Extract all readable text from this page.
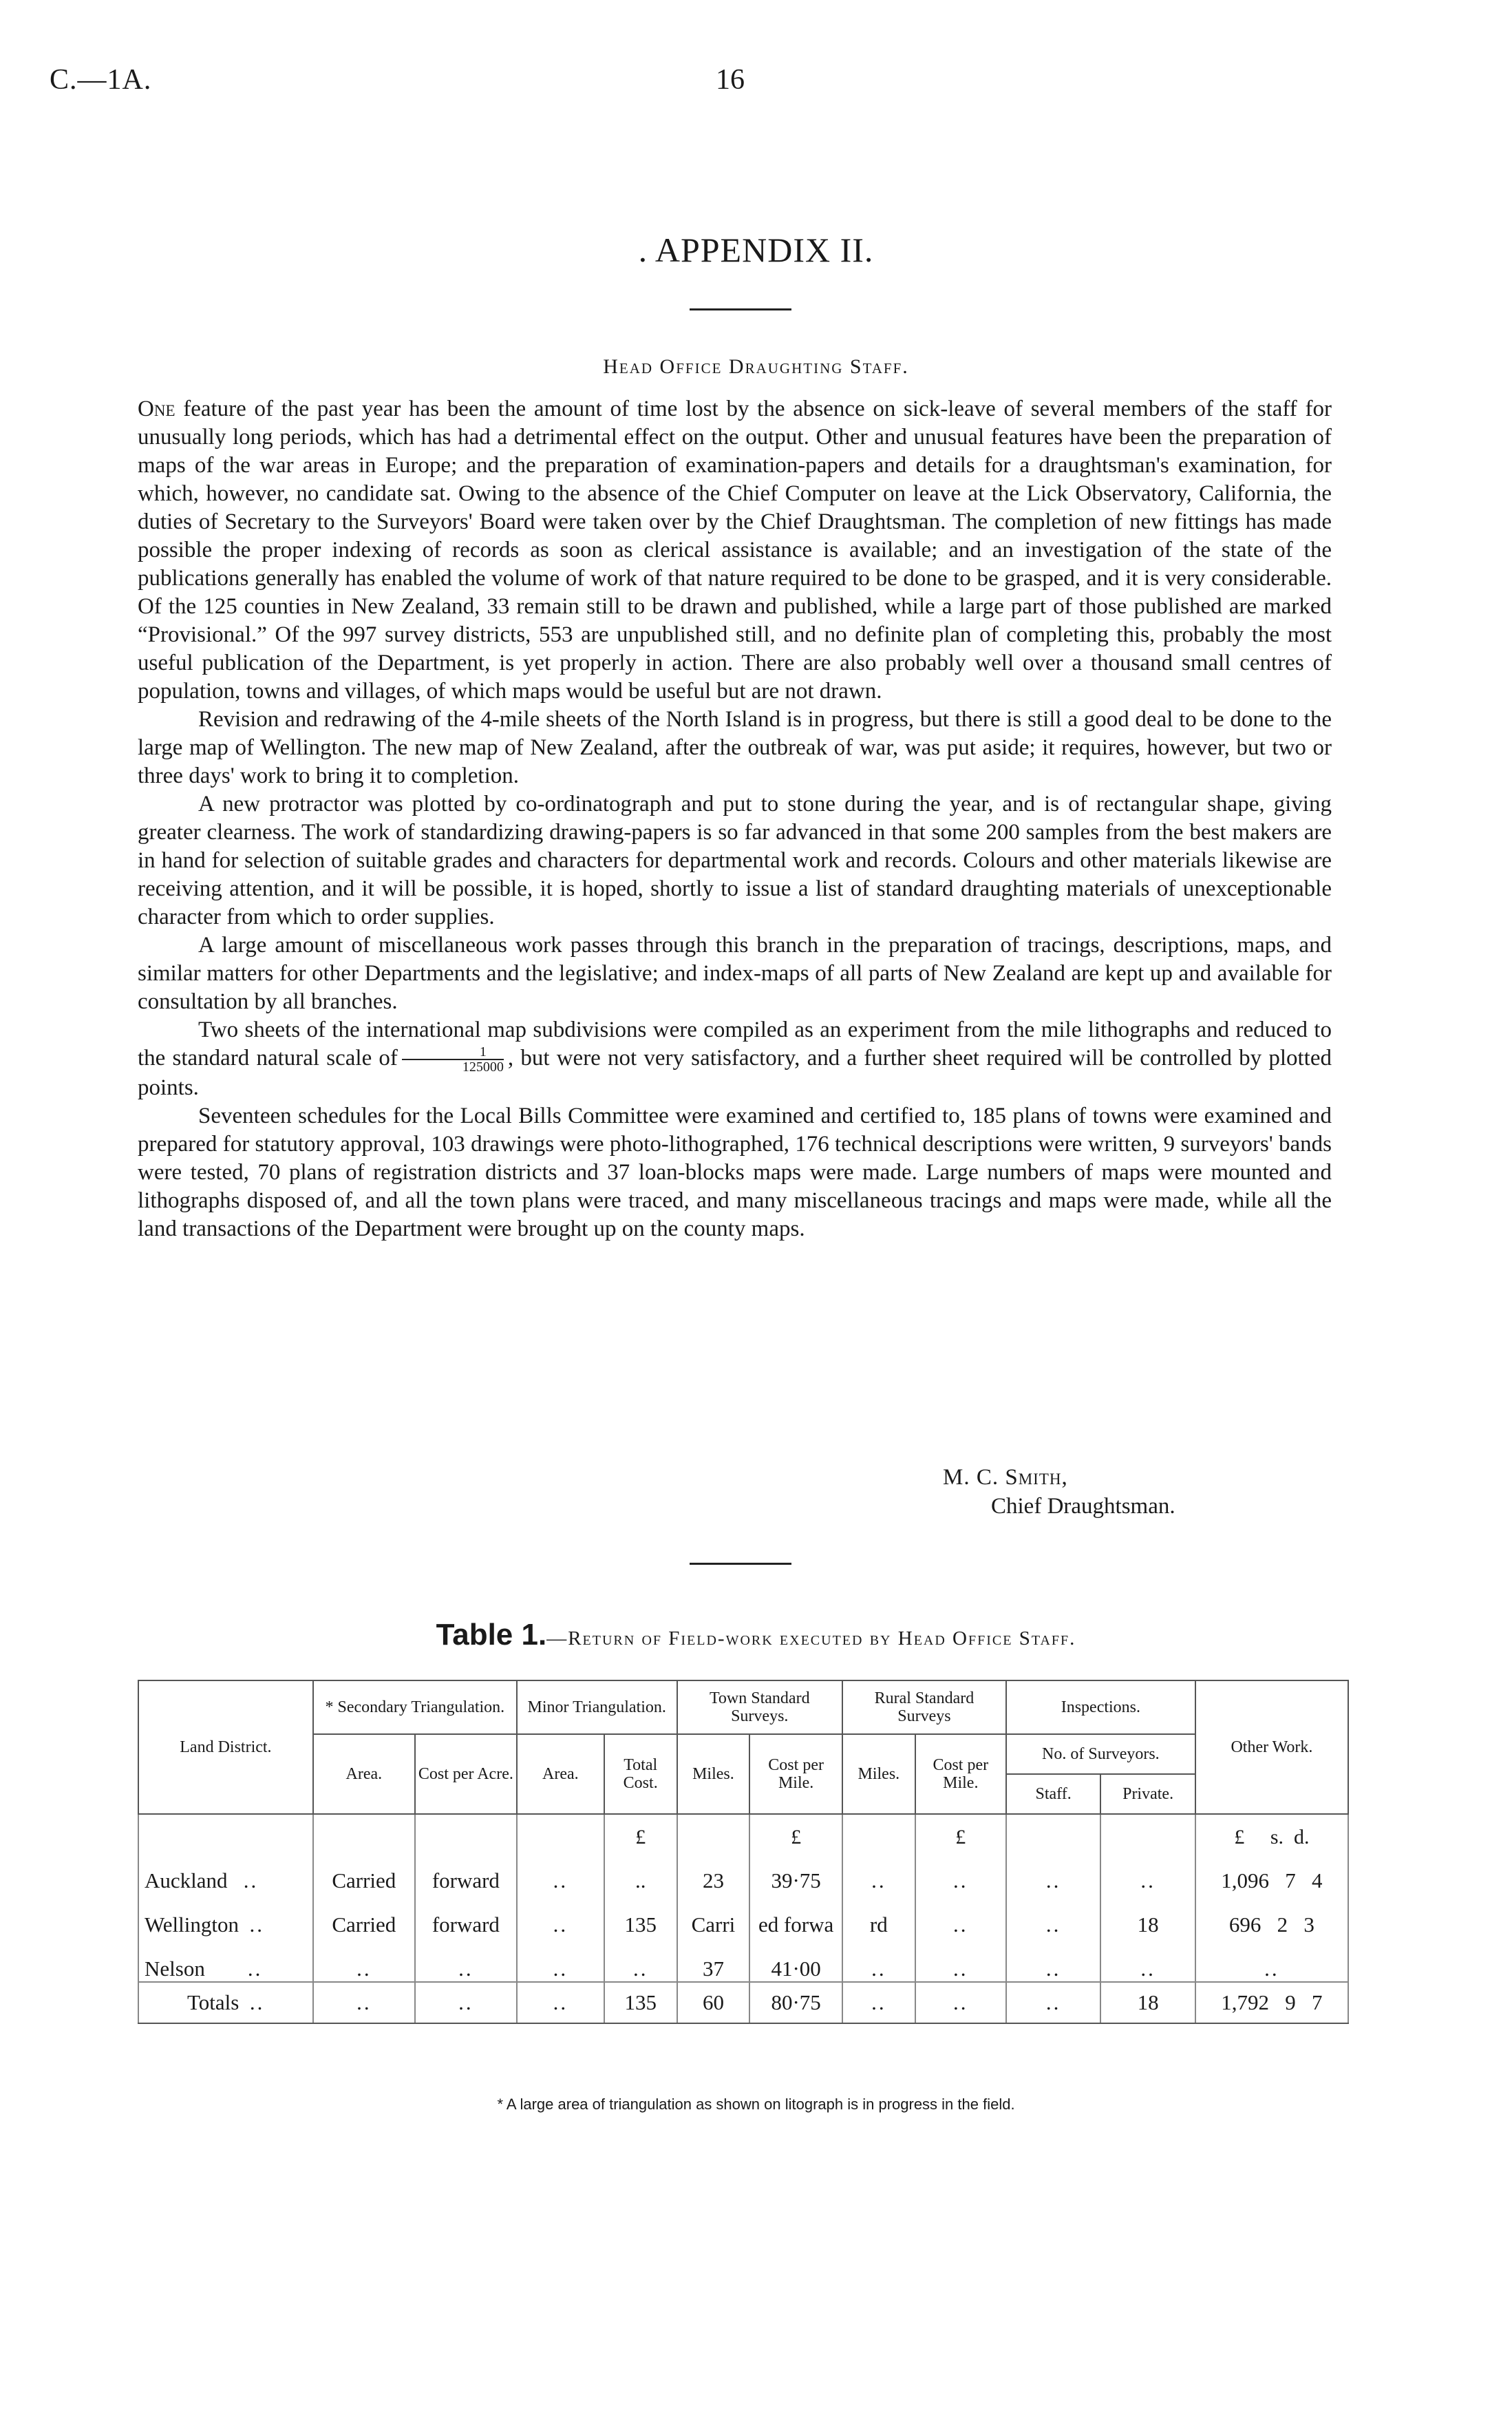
C.—1A.	16
. APPENDIX II.
Head Office Draughting Staff.

One feature of the past year has been the amount of time lost by the absence on sick-leave of several members of the staff for unusually long periods, which has had a detrimental effect on the output. Other and unusual features have been the preparation of maps of the war areas in Europe; and the preparation of examination-papers and details for a draughtsman's examination, for which, however, no candidate sat. Owing to the absence of the Chief Computer on leave at the Lick Observatory, California, the duties of Secretary to the Surveyors' Board were taken over by the Chief Draughtsman. The completion of new fittings has made possible the proper indexing of records as soon as clerical assistance is available; and an investigation of the state of the publications generally has enabled the volume of work of that nature required to be done to be grasped, and it is very considerable. Of the 125 counties in New Zealand, 33 remain still to be drawn and published, while a large part of those published are marked “Provisional.” Of the 997 survey districts, 553 are unpublished still, and no definite plan of completing this, probably the most useful publication of the Department, is yet properly in action. There are also probably well over a thousand small centres of population, towns and villages, of which maps would be useful but are not drawn.

Revision and redrawing of the 4-mile sheets of the North Island is in progress, but there is still a good deal to be done to the large map of Wellington. The new map of New Zealand, after the outbreak of war, was put aside; it requires, however, but two or three days' work to bring it to completion.

A new protractor was plotted by co-ordinatograph and put to stone during the year, and is of rectangular shape, giving greater clearness. The work of standardizing drawing-papers is so far advanced in that some 200 samples from the best makers are in hand for selection of suitable grades and characters for departmental work and records. Colours and other materials likewise are receiving attention, and it will be possible, it is hoped, shortly to issue a list of standard draughting materials of unexceptionable character from which to order supplies.

A large amount of miscellaneous work passes through this branch in the preparation of tracings, descriptions, maps, and similar matters for other Departments and the legislative; and index-maps of all parts of New Zealand are kept up and available for consultation by all branches.

Two sheets of the international map subdivisions were compiled as an experiment from the mile lithographs and reduced to the standard natural scale of $\frac{1}{125000}$ , but were not very satisfactory, and a further sheet required will be controlled by plotted points.

Seventeen schedules for the Local Bills Committee were examined and certified to, 185 plans of towns were examined and prepared for statutory approval, 103 drawings were photo-lithographed, 176 technical descriptions were written, 9 surveyors' bands were tested, 70 plans of registration districts and 37 loan-blocks maps were made. Large numbers of maps were mounted and lithographs disposed of, and all the town plans were traced, and many miscellaneous tracings and maps were made, while all the land transactions of the Department were brought up on the county maps.

M. C. Smith,
Chief Draughtsman.
Table 1.—Return of Field-work executed by Head Office Staff.
Land District.	* Secondary Triangulation.		Minor Triangulation.		Town Standard Surveys.		Rural Standard Surveys		Inspections.		Other Work.
	Area.	Cost per Acre.	Area.	Total Cost.	Miles.	Cost per Mile.	Miles.	Cost per Mile.	No. of Surveyors.		
									Staff.	Private.	
				£		£		£			£ s. d.
Auckland ..	Carried	forward	..	..	23	39·75	..	..	..	..	1,096 7 4
Wellington ..	Carried	forward	..	135	Carri	ed forwa	rd	..	..	18	696 2 3
Nelson ..	..	..	..	..	37	41·00	..	..	..	..	..
Totals ..	..	..	..	135	60	80·75	..	..	..	18	1,792 9 7
* A large area of triangulation as shown on litograph is in progress in the field.
